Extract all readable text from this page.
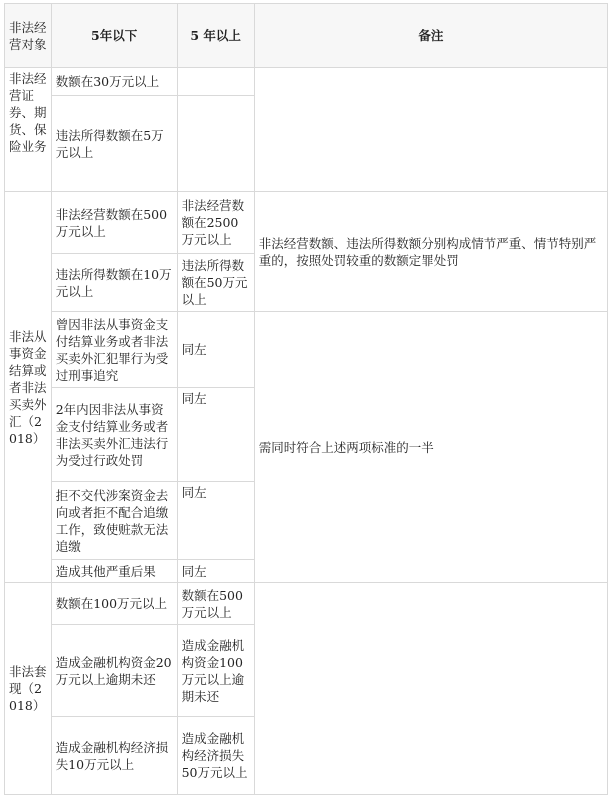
非法经营对象	5年以下	5 年以上	备注
非法经营证券、期货、保险业务	数额在30万元以上		
	违法所得数额在5万元以上		
非法从事资金结算或者非法买卖外汇（2018）	非法经营数额在500万元以上	非法经营数额在2500万元以上	非法经营数额、违法所得数额分别构成情节严重、情节特别严重的，按照处罚较重的数额定罪处罚
	违法所得数额在10万元以上	违法所得数额在50万元以上	
	曾因非法从事资金支付结算业务或者非法买卖外汇犯罪行为受过刑事追究	同左	需同时符合上述两项标准的一半
	2年内因非法从事资金支付结算业务或者非法买卖外汇违法行为受过行政处罚	同左	
	拒不交代涉案资金去向或者拒不配合追缴工作，致使赃款无法追缴	同左	
	造成其他严重后果	同左	
非法套现（2018）	数额在100万元以上	数额在500万元以上	
	造成金融机构资金20万元以上逾期未还	造成金融机构资金100万元以上逾期未还	
	造成金融机构经济损失10万元以上	造成金融机构经济损失50万元以上	
